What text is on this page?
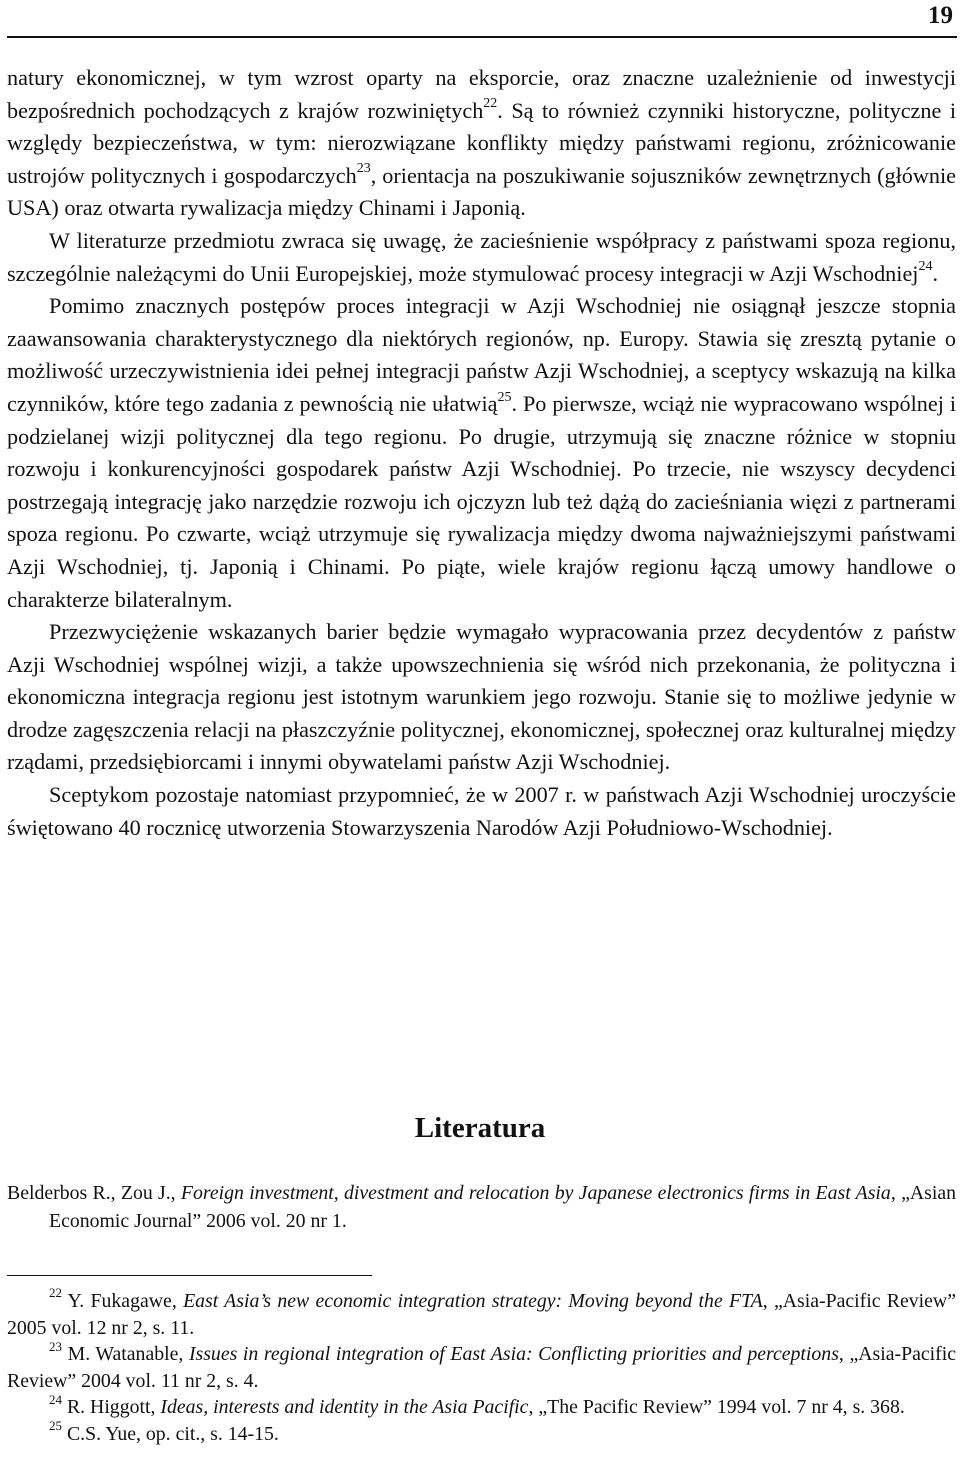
19

natury ekonomicznej, w tym wzrost oparty na eksporcie, oraz znaczne uzależnienie od inwestycji bezpośrednich pochodzących z krajów rozwiniętych$^{22}$. Są to również czynniki historyczne, polityczne i względy bezpieczeństwa, w tym: nierozwiązane konflikty między państwami regionu, zróżnicowanie ustrojów politycznych i gospodarczych$^{23}$, orientacja na poszukiwanie sojuszników zewnętrznych (głównie USA) oraz otwarta rywalizacja między Chinami i Japonią.

W literaturze przedmiotu zwraca się uwagę, że zacieśnienie współpracy z państwami spoza regionu, szczególnie należącymi do Unii Europejskiej, może stymulować procesy integracji w Azji Wschodniej$^{24}$.

Pomimo znacznych postępów proces integracji w Azji Wschodniej nie osiągnął jeszcze stopnia zaawansowania charakterystycznego dla niektórych regionów, np. Europy. Stawia się zresztą pytanie o możliwość urzeczywistnienia idei pełnej integracji państw Azji Wschodniej, a sceptycy wskazują na kilka czynników, które tego zadania z pewnością nie ułatwią$^{25}$. Po pierwsze, wciąż nie wypracowano wspólnej i podzielanej wizji politycznej dla tego regionu. Po drugie, utrzymują się znaczne różnice w stopniu rozwoju i konkurencyjności gospodarek państw Azji Wschodniej. Po trzecie, nie wszyscy decydenci postrzegają integrację jako narzędzie rozwoju ich ojczyzn lub też dążą do zacieśniania więzi z partnerami spoza regionu. Po czwarte, wciąż utrzymuje się rywalizacja między dwoma najważniejszymi państwami Azji Wschodniej, tj. Japonią i Chinami. Po piąte, wiele krajów regionu łączą umowy handlowe o charakterze bilateralnym.

Przezwyciężenie wskazanych barier będzie wymagało wypracowania przez decydentów z państw Azji Wschodniej wspólnej wizji, a także upowszechnienia się wśród nich przekonania, że polityczna i ekonomiczna integracja regionu jest istotnym warunkiem jego rozwoju. Stanie się to możliwe jedynie w drodze zagęszczenia relacji na płaszczyźnie politycznej, ekonomicznej, społecznej oraz kulturalnej między rządami, przedsiębiorcami i innymi obywatelami państw Azji Wschodniej.

Sceptykom pozostaje natomiast przypomnieć, że w 2007 r. w państwach Azji Wschodniej uroczyście świętowano 40 rocznicę utworzenia Stowarzyszenia Narodów Azji Południowo-Wschodniej.

Literatura

Belderbos R., Zou J., Foreign investment, divestment and relocation by Japanese electronics firms in East Asia, „Asian Economic Journal” 2006 vol. 20 nr 1.

$^{22}$ Y. Fukagawe, East Asia’s new economic integration strategy: Moving beyond the FTA, „Asia-Pacific Review” 2005 vol. 12 nr 2, s. 11.

$^{23}$ M. Watanable, Issues in regional integration of East Asia: Conflicting priorities and perceptions, „Asia-Pacific Review” 2004 vol. 11 nr 2, s. 4.

$^{24}$ R. Higgott, Ideas, interests and identity in the Asia Pacific, „The Pacific Review” 1994 vol. 7 nr 4, s. 368.

$^{25}$ C.S. Yue, op. cit., s. 14-15.
